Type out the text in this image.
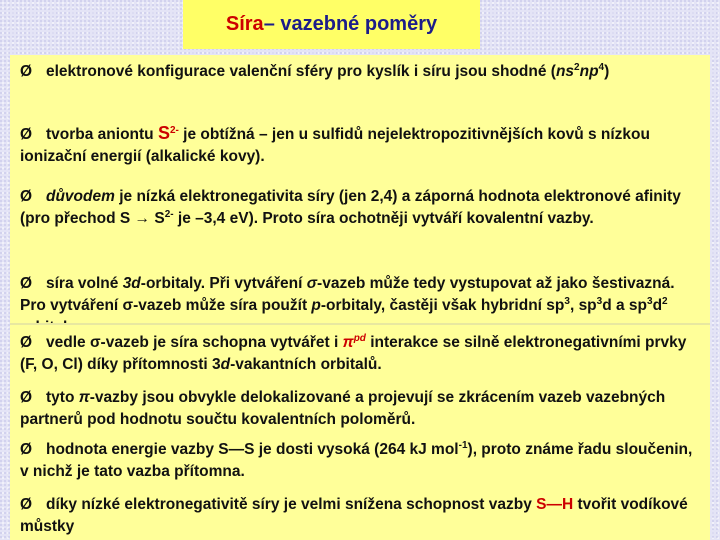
Síra – vazebné poměry
Ø elektronové konfigurace valenční sféry pro kyslík i síru jsou shodné $(ns^2np^4)$
Ø tvorba aniontu $S^{2-}$ je obtížná – jen u sulfidů nejelektropozitivnějších kovů s nízkou ionizační energií (alkalické kovy).
Ø důvodem je nízká elektronegativita síry (jen 2,4) a záporná hodnota elektronové afinity (pro přechod $S \to S^{2-}$ je –3,4 eV). Proto síra ochotněji vytváří kovalentní vazby.
Ø síra volné 3d-orbitaly. Při vytváření σ-vazeb může tedy vystupovat až jako šestivazná. Pro vytváření σ-vazeb může síra použít p-orbitaly, častěji však hybridní $sp^3$, $sp^3d$ a $sp^3d^2$
Ø vedle σ-vazeb je síra schopna vytvářet i $\pi^{pd}$ interakce se silně elektronegativními prvky (F, O, Cl) díky přítomnosti 3d-vakantních orbitalů.
Ø tyto π-vazby jsou obvykle delokalizované a projevují se zkrácením vazeb vazebných partnerů pod hodnotu součtu kovalentních poloměrů.
Ø hodnota energie vazby S—S je dosti vysoká (264 kJ mol$^{-1}$), proto známe řadu sloučenin, v nichž je tato vazba přítomna.
Ø díky nízké elektronegativitě síry je velmi snížena schopnost vazby S—H tvořit vodíkové můstky
